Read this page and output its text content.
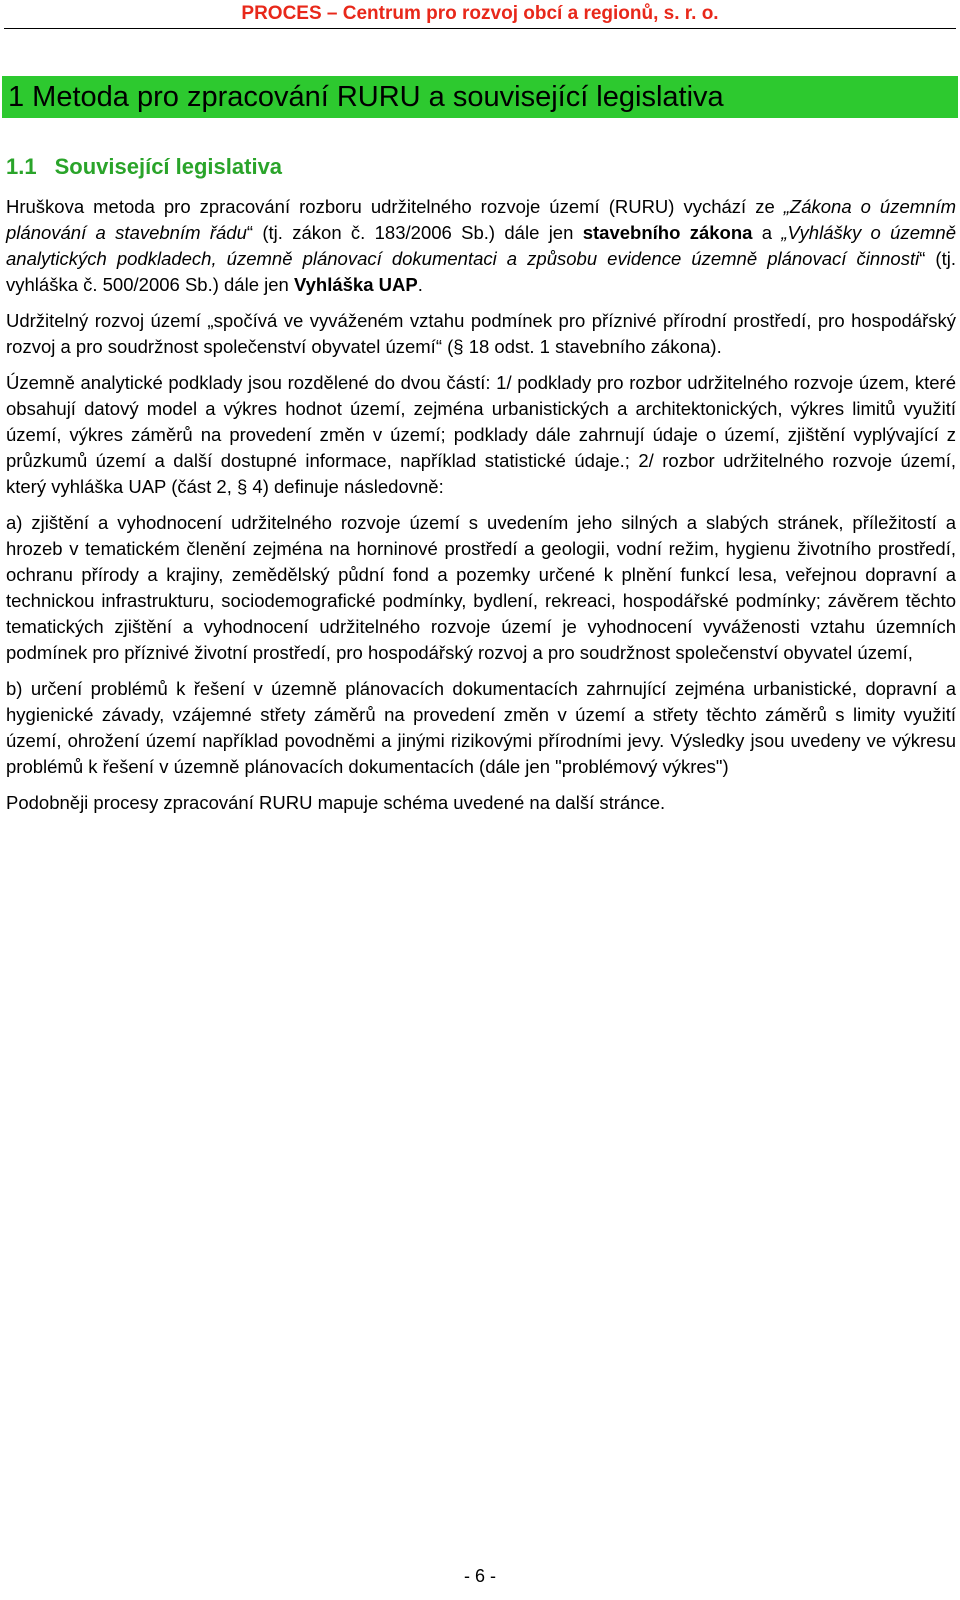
PROCES – Centrum pro rozvoj obcí a regionů, s. r. o.
1 Metoda pro zpracování RURU a související legislativa
1.1 Související legislativa

Hruškova metoda pro zpracování rozboru udržitelného rozvoje území (RURU) vychází ze „Zákona o územním plánování a stavebním řádu“ (tj. zákon č. 183/2006 Sb.) dále jen stavebního zákona a „Vyhlášky o územně analytických podkladech, územně plánovací dokumentaci a způsobu evidence územně plánovací činnosti“ (tj. vyhláška č. 500/2006 Sb.) dále jen Vyhláška UAP.

Udržitelný rozvoj území „spočívá ve vyváženém vztahu podmínek pro příznivé přírodní prostředí, pro hospodářský rozvoj a pro soudržnost společenství obyvatel území“ (§ 18 odst. 1 stavebního zákona).

Územně analytické podklady jsou rozdělené do dvou částí: 1/ podklady pro rozbor udržitelného rozvoje územ, které obsahují datový model a výkres hodnot území, zejména urbanistických a architektonických, výkres limitů využití území, výkres záměrů na provedení změn v území; podklady dále zahrnují údaje o území, zjištění vyplývající z průzkumů území a další dostupné informace, například statistické údaje.; 2/ rozbor udržitelného rozvoje území, který vyhláška UAP (část 2, § 4) definuje následovně:

a) zjištění a vyhodnocení udržitelného rozvoje území s uvedením jeho silných a slabých stránek, příležitostí a hrozeb v tematickém členění zejména na horninové prostředí a geologii, vodní režim, hygienu životního prostředí, ochranu přírody a krajiny, zemědělský půdní fond a pozemky určené k plnění funkcí lesa, veřejnou dopravní a technickou infrastrukturu, sociodemografické podmínky, bydlení, rekreaci, hospodářské podmínky; závěrem těchto tematických zjištění a vyhodnocení udržitelného rozvoje území je vyhodnocení vyváženosti vztahu územních podmínek pro příznivé životní prostředí, pro hospodářský rozvoj a pro soudržnost společenství obyvatel území,

b) určení problémů k řešení v územně plánovacích dokumentacích zahrnující zejména urbanistické, dopravní a hygienické závady, vzájemné střety záměrů na provedení změn v území a střety těchto záměrů s limity využití území, ohrožení území například povodněmi a jinými rizikovými přírodními jevy. Výsledky jsou uvedeny ve výkresu problémů k řešení v územně plánovacích dokumentacích (dále jen "problémový výkres")

Podobněji procesy zpracování RURU mapuje schéma uvedené na další stránce.

- 6 -
